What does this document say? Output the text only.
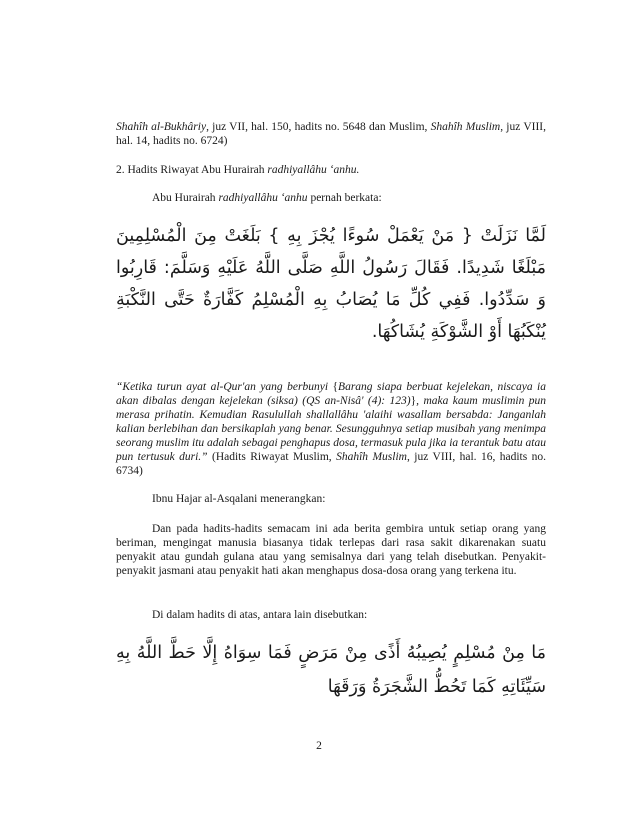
Shahîh al-Bukhâriy, juz VII, hal. 150, hadits no. 5648 dan Muslim, Shahîh Muslim, juz VIII, hal. 14, hadits no. 6724)

2. Hadits Riwayat Abu Hurairah radhiyallâhu ‘anhu.

Abu Hurairah radhiyallâhu ‘anhu pernah berkata:

لَمَّا نَزَلَتْ { مَنْ يَعْمَلْ سُوءًا يُجْزَ بِهِ } بَلَغَتْ مِنَ الْمُسْلِمِينَ مَبْلَغًا شَدِيدًا. فَقَالَ رَسُولُ اللَّهِ صَلَّى اللَّهُ عَلَيْهِ وَسَلَّمَ: قَارِبُوا وَ سَدِّدُوا. فَفِي كُلِّ مَا يُصَابُ بِهِ الْمُسْلِمُ كَفَّارَةٌ حَتَّى النَّكْبَةِ يُنْكَبُهَا أَوْ الشَّوْكَةِ يُشَاكُهَا.

“Ketika turun ayat al-Qur'an yang berbunyi {Barang siapa berbuat kejelekan, niscaya ia akan dibalas dengan kejelekan (siksa) (QS an-Nisâ' (4): 123)}, maka kaum muslimin pun merasa prihatin. Kemudian Rasulullah shallallâhu 'alaihi wasallam bersabda: Janganlah kalian berlebihan dan bersikaplah yang benar. Sesungguhnya setiap musibah yang menimpa seorang muslim itu adalah sebagai penghapus dosa, termasuk pula jika ia terantuk batu atau pun tertusuk duri.” (Hadits Riwayat Muslim, Shahîh Muslim, juz VIII, hal. 16, hadits no. 6734)

Ibnu Hajar al-Asqalani menerangkan:

Dan pada hadits-hadits semacam ini ada berita gembira untuk setiap orang yang beriman, mengingat manusia biasanya tidak terlepas dari rasa sakit dikarenakan suatu penyakit atau gundah gulana atau yang semisalnya dari yang telah disebutkan. Penyakit-penyakit jasmani atau penyakit hati akan menghapus dosa-dosa orang yang terkena itu.

Di dalam hadits di atas, antara lain disebutkan:

مَا مِنْ مُسْلِمٍ يُصِيبُهُ أَذًى مِنْ مَرَضٍ فَمَا سِوَاهُ إِلَّا حَطَّ اللَّهُ بِهِ سَيِّئَاتِهِ كَمَا تَحُطُّ الشَّجَرَةُ وَرَقَهَا

2
